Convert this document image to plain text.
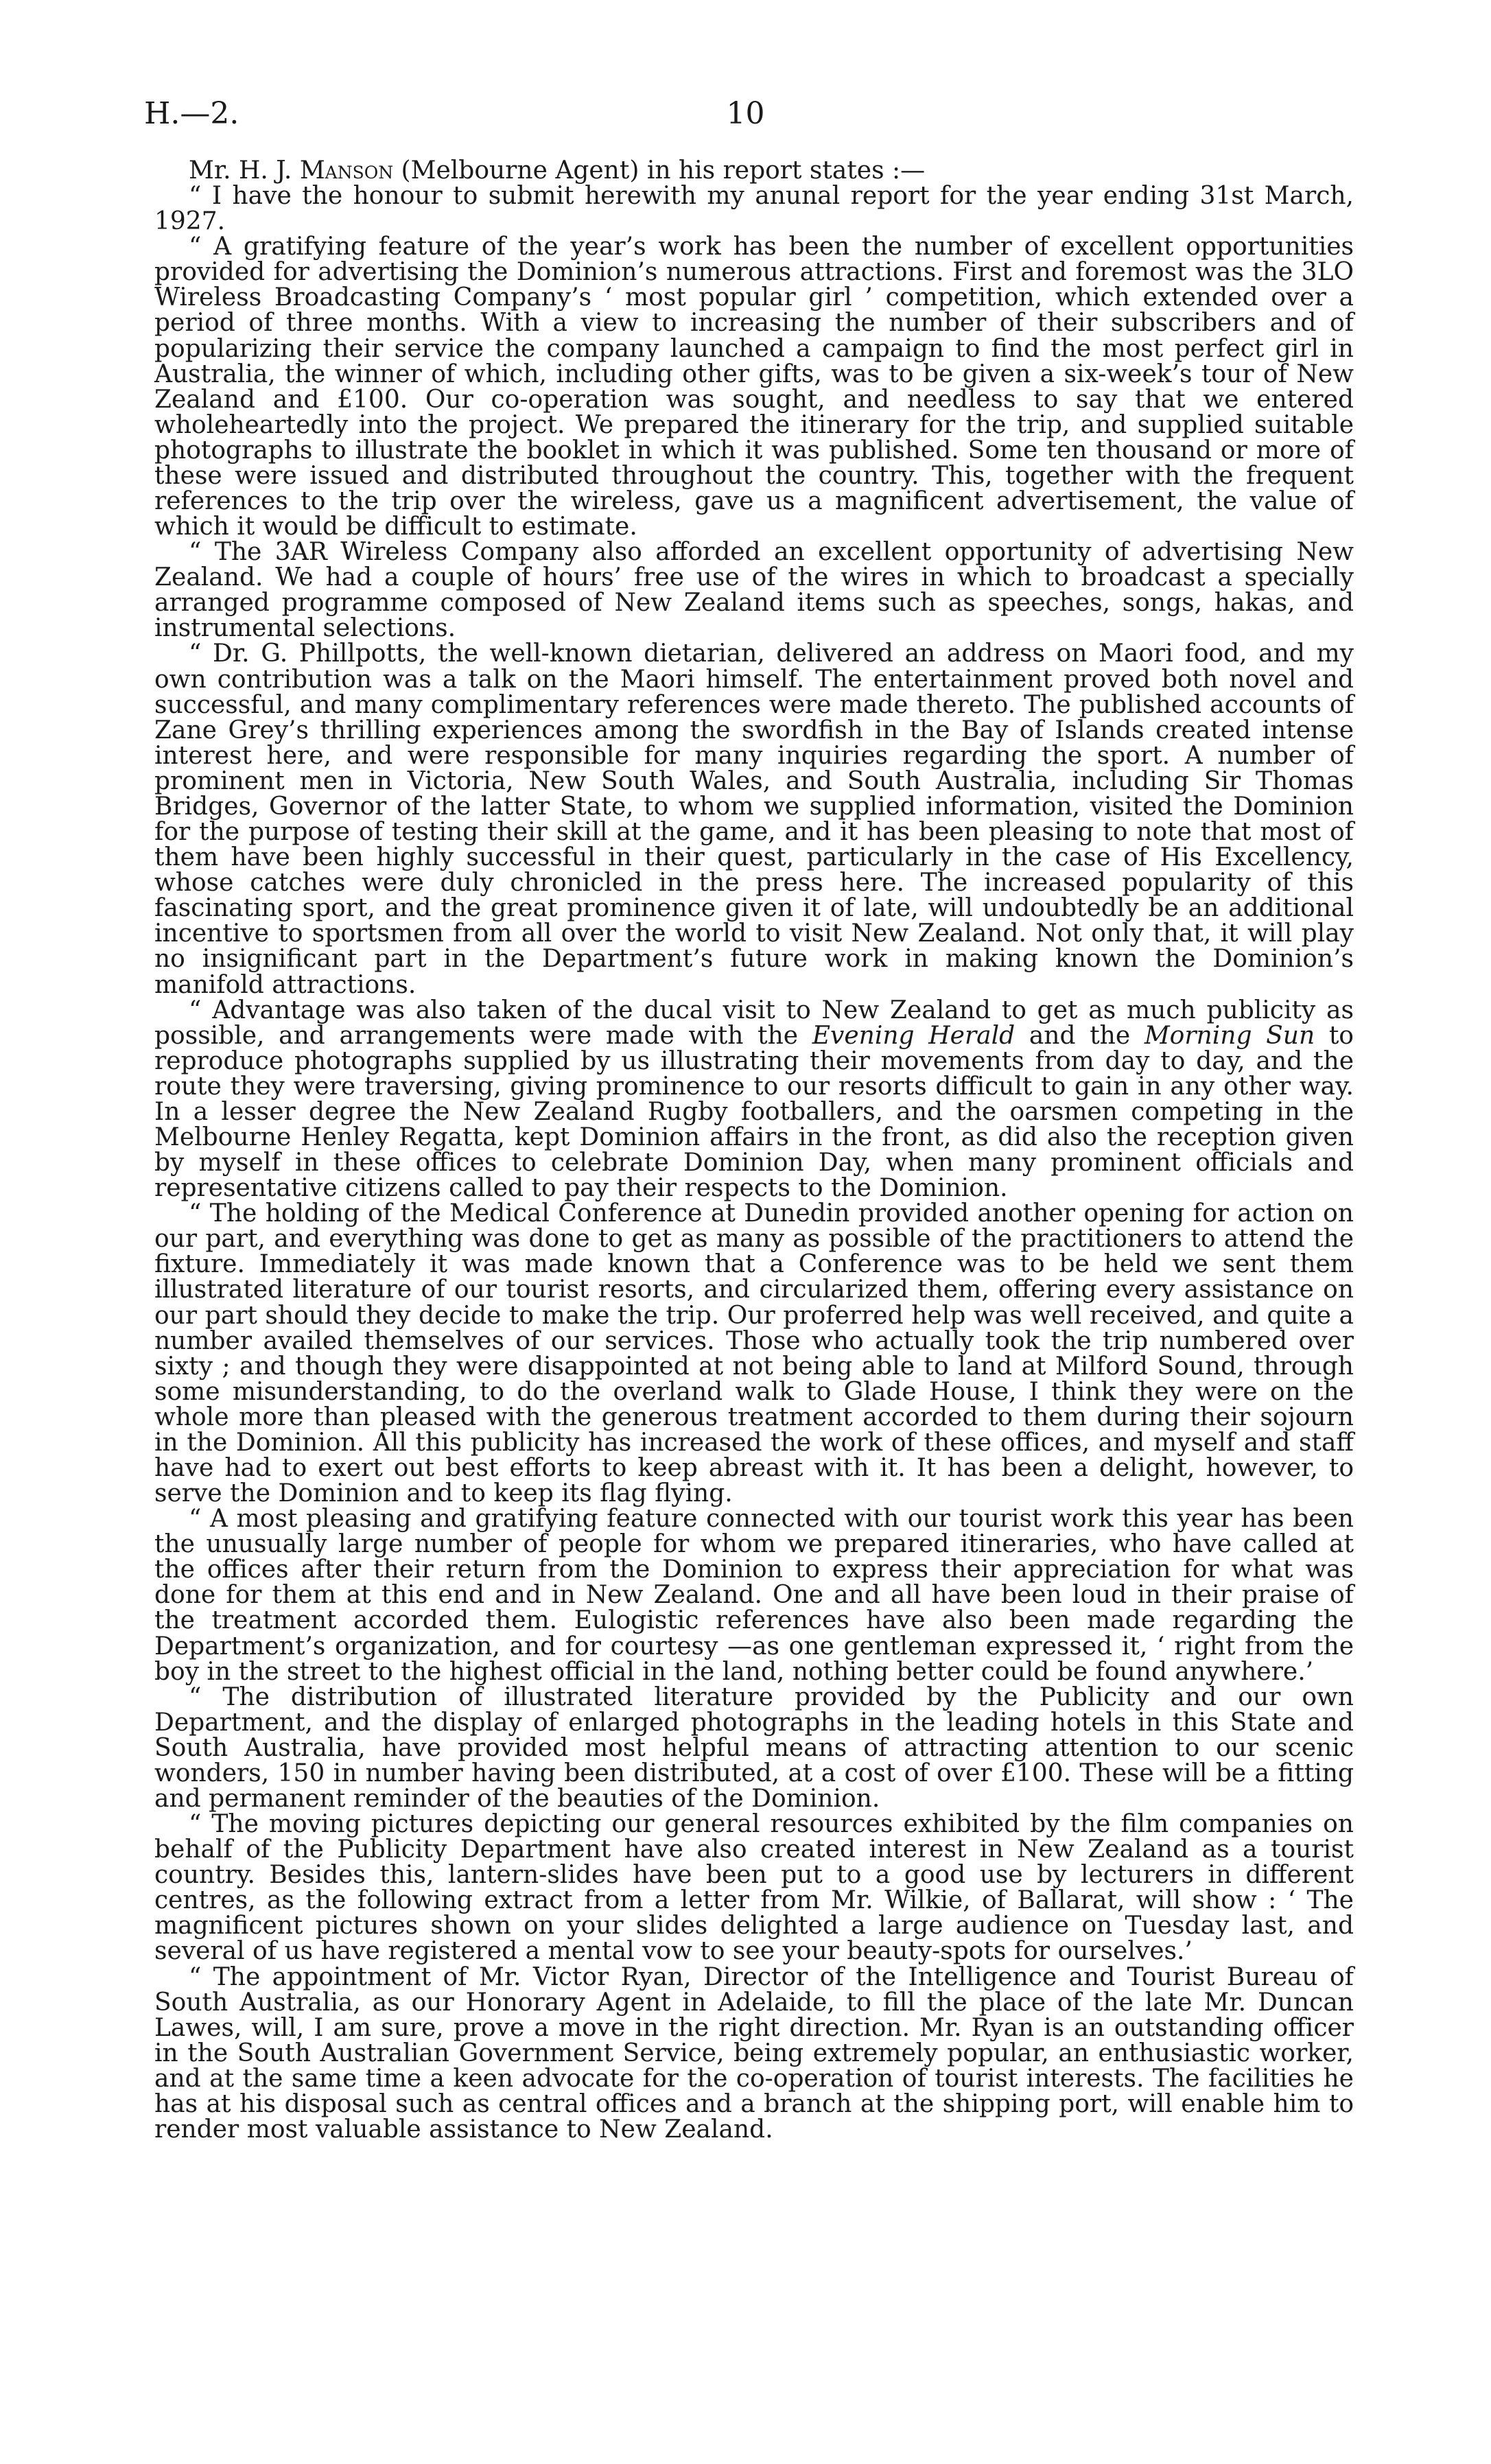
H.—2.	10

Mr. H. J. Manson (Melbourne Agent) in his report states :—

“ I have the honour to submit herewith my anunal report for the year ending 31st March, 1927.

“ A gratifying feature of the year’s work has been the number of excellent opportunities provided for advertising the Dominion’s numerous attractions. First and foremost was the 3LO Wireless Broadcasting Company’s ‘ most popular girl ’ competition, which extended over a period of three months. With a view to increasing the number of their subscribers and of popularizing their service the company launched a campaign to find the most perfect girl in Australia, the winner of which, including other gifts, was to be given a six-week’s tour of New Zealand and £100. Our co-operation was sought, and needless to say that we entered wholeheartedly into the project. We prepared the itinerary for the trip, and supplied suitable photographs to illustrate the booklet in which it was published. Some ten thousand or more of these were issued and distributed throughout the country. This, together with the frequent references to the trip over the wireless, gave us a magnificent advertisement, the value of which it would be difficult to estimate.

“ The 3AR Wireless Company also afforded an excellent opportunity of advertising New Zealand. We had a couple of hours’ free use of the wires in which to broadcast a specially arranged programme composed of New Zealand items such as speeches, songs, hakas, and instrumental selections.

“ Dr. G. Phillpotts, the well-known dietarian, delivered an address on Maori food, and my own contribution was a talk on the Maori himself. The entertainment proved both novel and successful, and many complimentary references were made thereto. The published accounts of Zane Grey’s thrilling experiences among the swordfish in the Bay of Islands created intense interest here, and were responsible for many inquiries regarding the sport. A number of prominent men in Victoria, New South Wales, and South Australia, including Sir Thomas Bridges, Governor of the latter State, to whom we supplied information, visited the Dominion for the purpose of testing their skill at the game, and it has been pleasing to note that most of them have been highly successful in their quest, particularly in the case of His Excellency, whose catches were duly chronicled in the press here. The increased popularity of this fascinating sport, and the great prominence given it of late, will undoubtedly be an additional incentive to sportsmen from all over the world to visit New Zealand. Not only that, it will play no insignificant part in the Department’s future work in making known the Dominion’s manifold attractions.

“ Advantage was also taken of the ducal visit to New Zealand to get as much publicity as possible, and arrangements were made with the Evening Herald and the Morning Sun to reproduce photographs supplied by us illustrating their movements from day to day, and the route they were traversing, giving prominence to our resorts difficult to gain in any other way. In a lesser degree the New Zealand Rugby footballers, and the oarsmen competing in the Melbourne Henley Regatta, kept Dominion affairs in the front, as did also the reception given by myself in these offices to celebrate Dominion Day, when many prominent officials and representative citizens called to pay their respects to the Dominion.

“ The holding of the Medical Conference at Dunedin provided another opening for action on our part, and everything was done to get as many as possible of the practitioners to attend the fixture. Immediately it was made known that a Conference was to be held we sent them illustrated literature of our tourist resorts, and circularized them, offering every assistance on our part should they decide to make the trip. Our proferred help was well received, and quite a number availed themselves of our services. Those who actually took the trip numbered over sixty ; and though they were disappointed at not being able to land at Milford Sound, through some misunderstanding, to do the overland walk to Glade House, I think they were on the whole more than pleased with the generous treatment accorded to them during their sojourn in the Dominion. All this publicity has increased the work of these offices, and myself and staff have had to exert out best efforts to keep abreast with it. It has been a delight, however, to serve the Dominion and to keep its flag flying.

“ A most pleasing and gratifying feature connected with our tourist work this year has been the unusually large number of people for whom we prepared itineraries, who have called at the offices after their return from the Dominion to express their appreciation for what was done for them at this end and in New Zealand. One and all have been loud in their praise of the treatment accorded them. Eulogistic references have also been made regarding the Department’s organization, and for courtesy —as one gentleman expressed it, ‘ right from the boy in the street to the highest official in the land, nothing better could be found anywhere.’

“ The distribution of illustrated literature provided by the Publicity and our own Department, and the display of enlarged photographs in the leading hotels in this State and South Australia, have provided most helpful means of attracting attention to our scenic wonders, 150 in number having been distributed, at a cost of over £100. These will be a fitting and permanent reminder of the beauties of the Dominion.

“ The moving pictures depicting our general resources exhibited by the film companies on behalf of the Publicity Department have also created interest in New Zealand as a tourist country. Besides this, lantern-slides have been put to a good use by lecturers in different centres, as the following extract from a letter from Mr. Wilkie, of Ballarat, will show : ‘ The magnificent pictures shown on your slides delighted a large audience on Tuesday last, and several of us have registered a mental vow to see your beauty-spots for ourselves.’

“ The appointment of Mr. Victor Ryan, Director of the Intelligence and Tourist Bureau of South Australia, as our Honorary Agent in Adelaide, to fill the place of the late Mr. Duncan Lawes, will, I am sure, prove a move in the right direction. Mr. Ryan is an outstanding officer in the South Australian Government Service, being extremely popular, an enthusiastic worker, and at the same time a keen advocate for the co-operation of tourist interests. The facilities he has at his disposal such as central offices and a branch at the shipping port, will enable him to render most valuable assistance to New Zealand.
